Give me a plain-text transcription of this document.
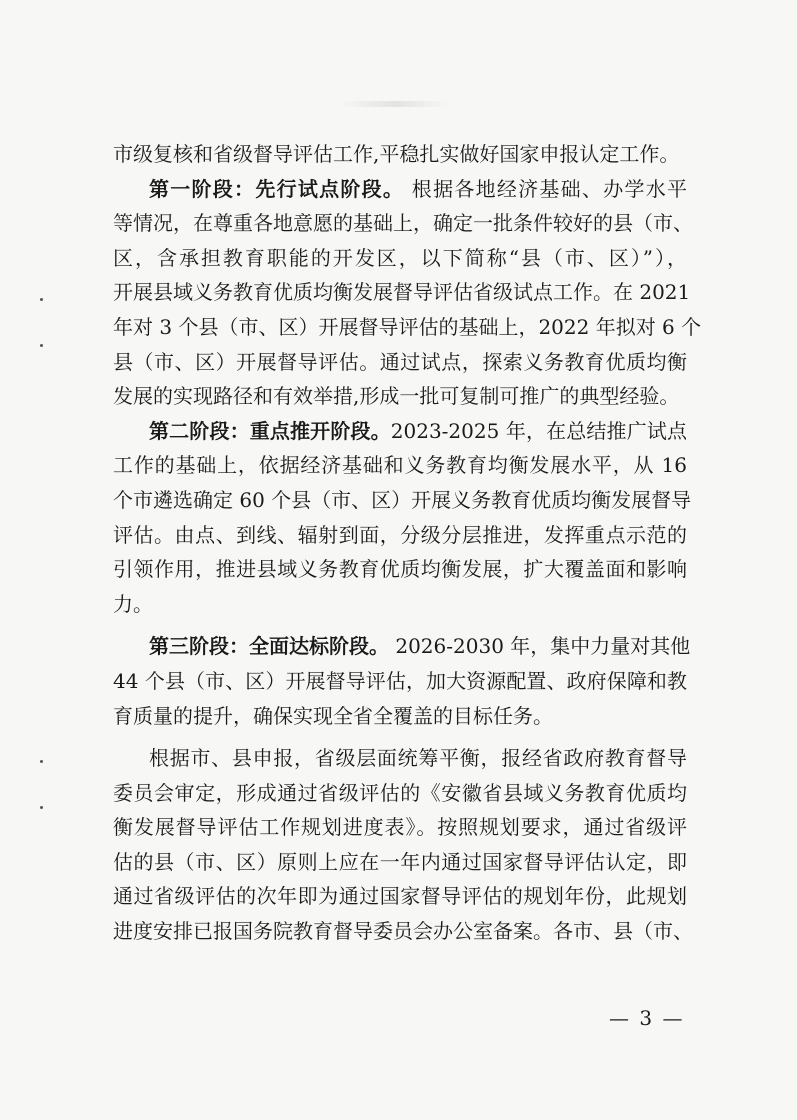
市级复核和省级督导评估工作,平稳扎实做好国家申报认定工作。
第一阶段：先行试点阶段。 根据各地经济基础、办学水平
等情况，在尊重各地意愿的基础上，确定一批条件较好的县（市、
区，含承担教育职能的开发区，以下简称“县（市、区）”），
开展县域义务教育优质均衡发展督导评估省级试点工作。在 2021
年对 3 个县（市、区）开展督导评估的基础上，2022 年拟对 6 个
县（市、区）开展督导评估。通过试点，探索义务教育优质均衡
发展的实现路径和有效举措,形成一批可复制可推广的典型经验。
第二阶段：重点推开阶段。2023-2025 年，在总结推广试点
工作的基础上，依据经济基础和义务教育均衡发展水平，从 16
个市遴选确定 60 个县（市、区）开展义务教育优质均衡发展督导
评估。由点、到线、辐射到面，分级分层推进，发挥重点示范的
引领作用，推进县域义务教育优质均衡发展，扩大覆盖面和影响
力。
第三阶段：全面达标阶段。 2026-2030 年，集中力量对其他
44 个县（市、区）开展督导评估，加大资源配置、政府保障和教
育质量的提升，确保实现全省全覆盖的目标任务。
根据市、县申报，省级层面统筹平衡，报经省政府教育督导
委员会审定，形成通过省级评估的《安徽省县域义务教育优质均
衡发展督导评估工作规划进度表》。按照规划要求，通过省级评
估的县（市、区）原则上应在一年内通过国家督导评估认定，即
通过省级评估的次年即为通过国家督导评估的规划年份，此规划
进度安排已报国务院教育督导委员会办公室备案。各市、县（市、
— 3 —
